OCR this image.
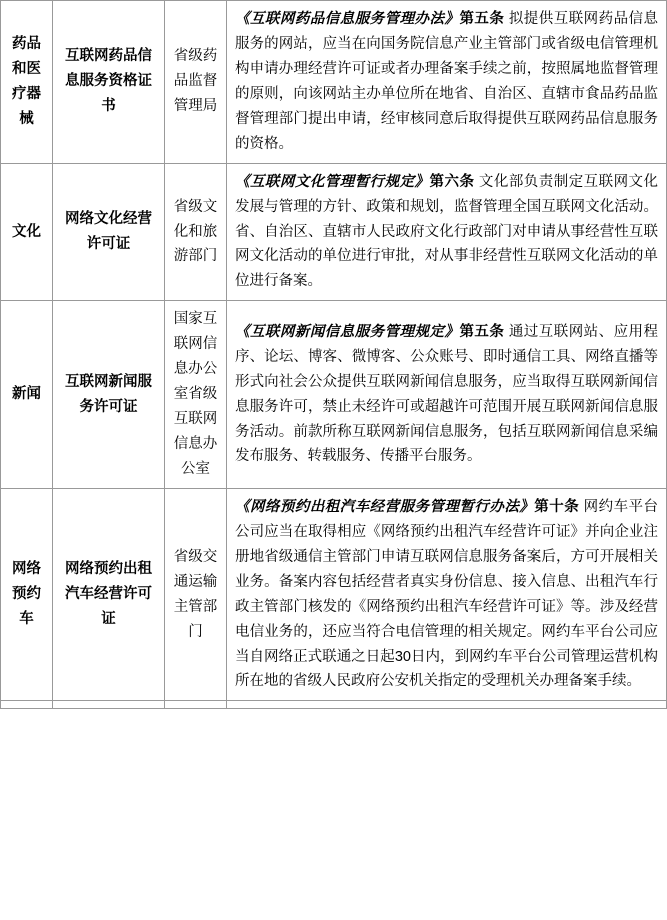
药品和医疗器械	互联网药品信息服务资格证书	省级药品监督管理局	《互联网药品信息服务管理办法》第五条 拟提供互联网药品信息服务的网站，应当在向国务院信息产业主管部门或省级电信管理机构申请办理经营许可证或者办理备案手续之前，按照属地监督管理的原则，向该网站主办单位所在地省、自治区、直辖市食品药品监督管理部门提出申请，经审核同意后取得提供互联网药品信息服务的资格。

文化	网络文化经营许可证	省级文化和旅游部门	《互联网文化管理暂行规定》第六条 文化部负责制定互联网文化发展与管理的方针、政策和规划，监督管理全国互联网文化活动。省、自治区、直辖市人民政府文化行政部门对申请从事经营性互联网文化活动的单位进行审批，对从事非经营性互联网文化活动的单位进行备案。

新闻	互联网新闻服务许可证	国家互联网信息办公室省级互联网信息办公室	《互联网新闻信息服务管理规定》第五条 通过互联网站、应用程序、论坛、博客、微博客、公众账号、即时通信工具、网络直播等形式向社会公众提供互联网新闻信息服务，应当取得互联网新闻信息服务许可，禁止未经许可或超越许可范围开展互联网新闻信息服务活动。前款所称互联网新闻信息服务，包括互联网新闻信息采编发布服务、转载服务、传播平台服务。

网络预约车	网络预约出租汽车经营许可证	省级交通运输主管部门	《网络预约出租汽车经营服务管理暂行办法》第十条 网约车平台公司应当在取得相应《网络预约出租汽车经营许可证》并向企业注册地省级通信主管部门申请互联网信息服务备案后，方可开展相关业务。备案内容包括经营者真实身份信息、接入信息、出租汽车行政主管部门核发的《网络预约出租汽车经营许可证》等。涉及经营电信业务的，还应当符合电信管理的相关规定。网约车平台公司应当自网络正式联通之日起30日内，到网约车平台公司管理运营机构所在地的省级人民政府公安机关指定的受理机关办理备案手续。
